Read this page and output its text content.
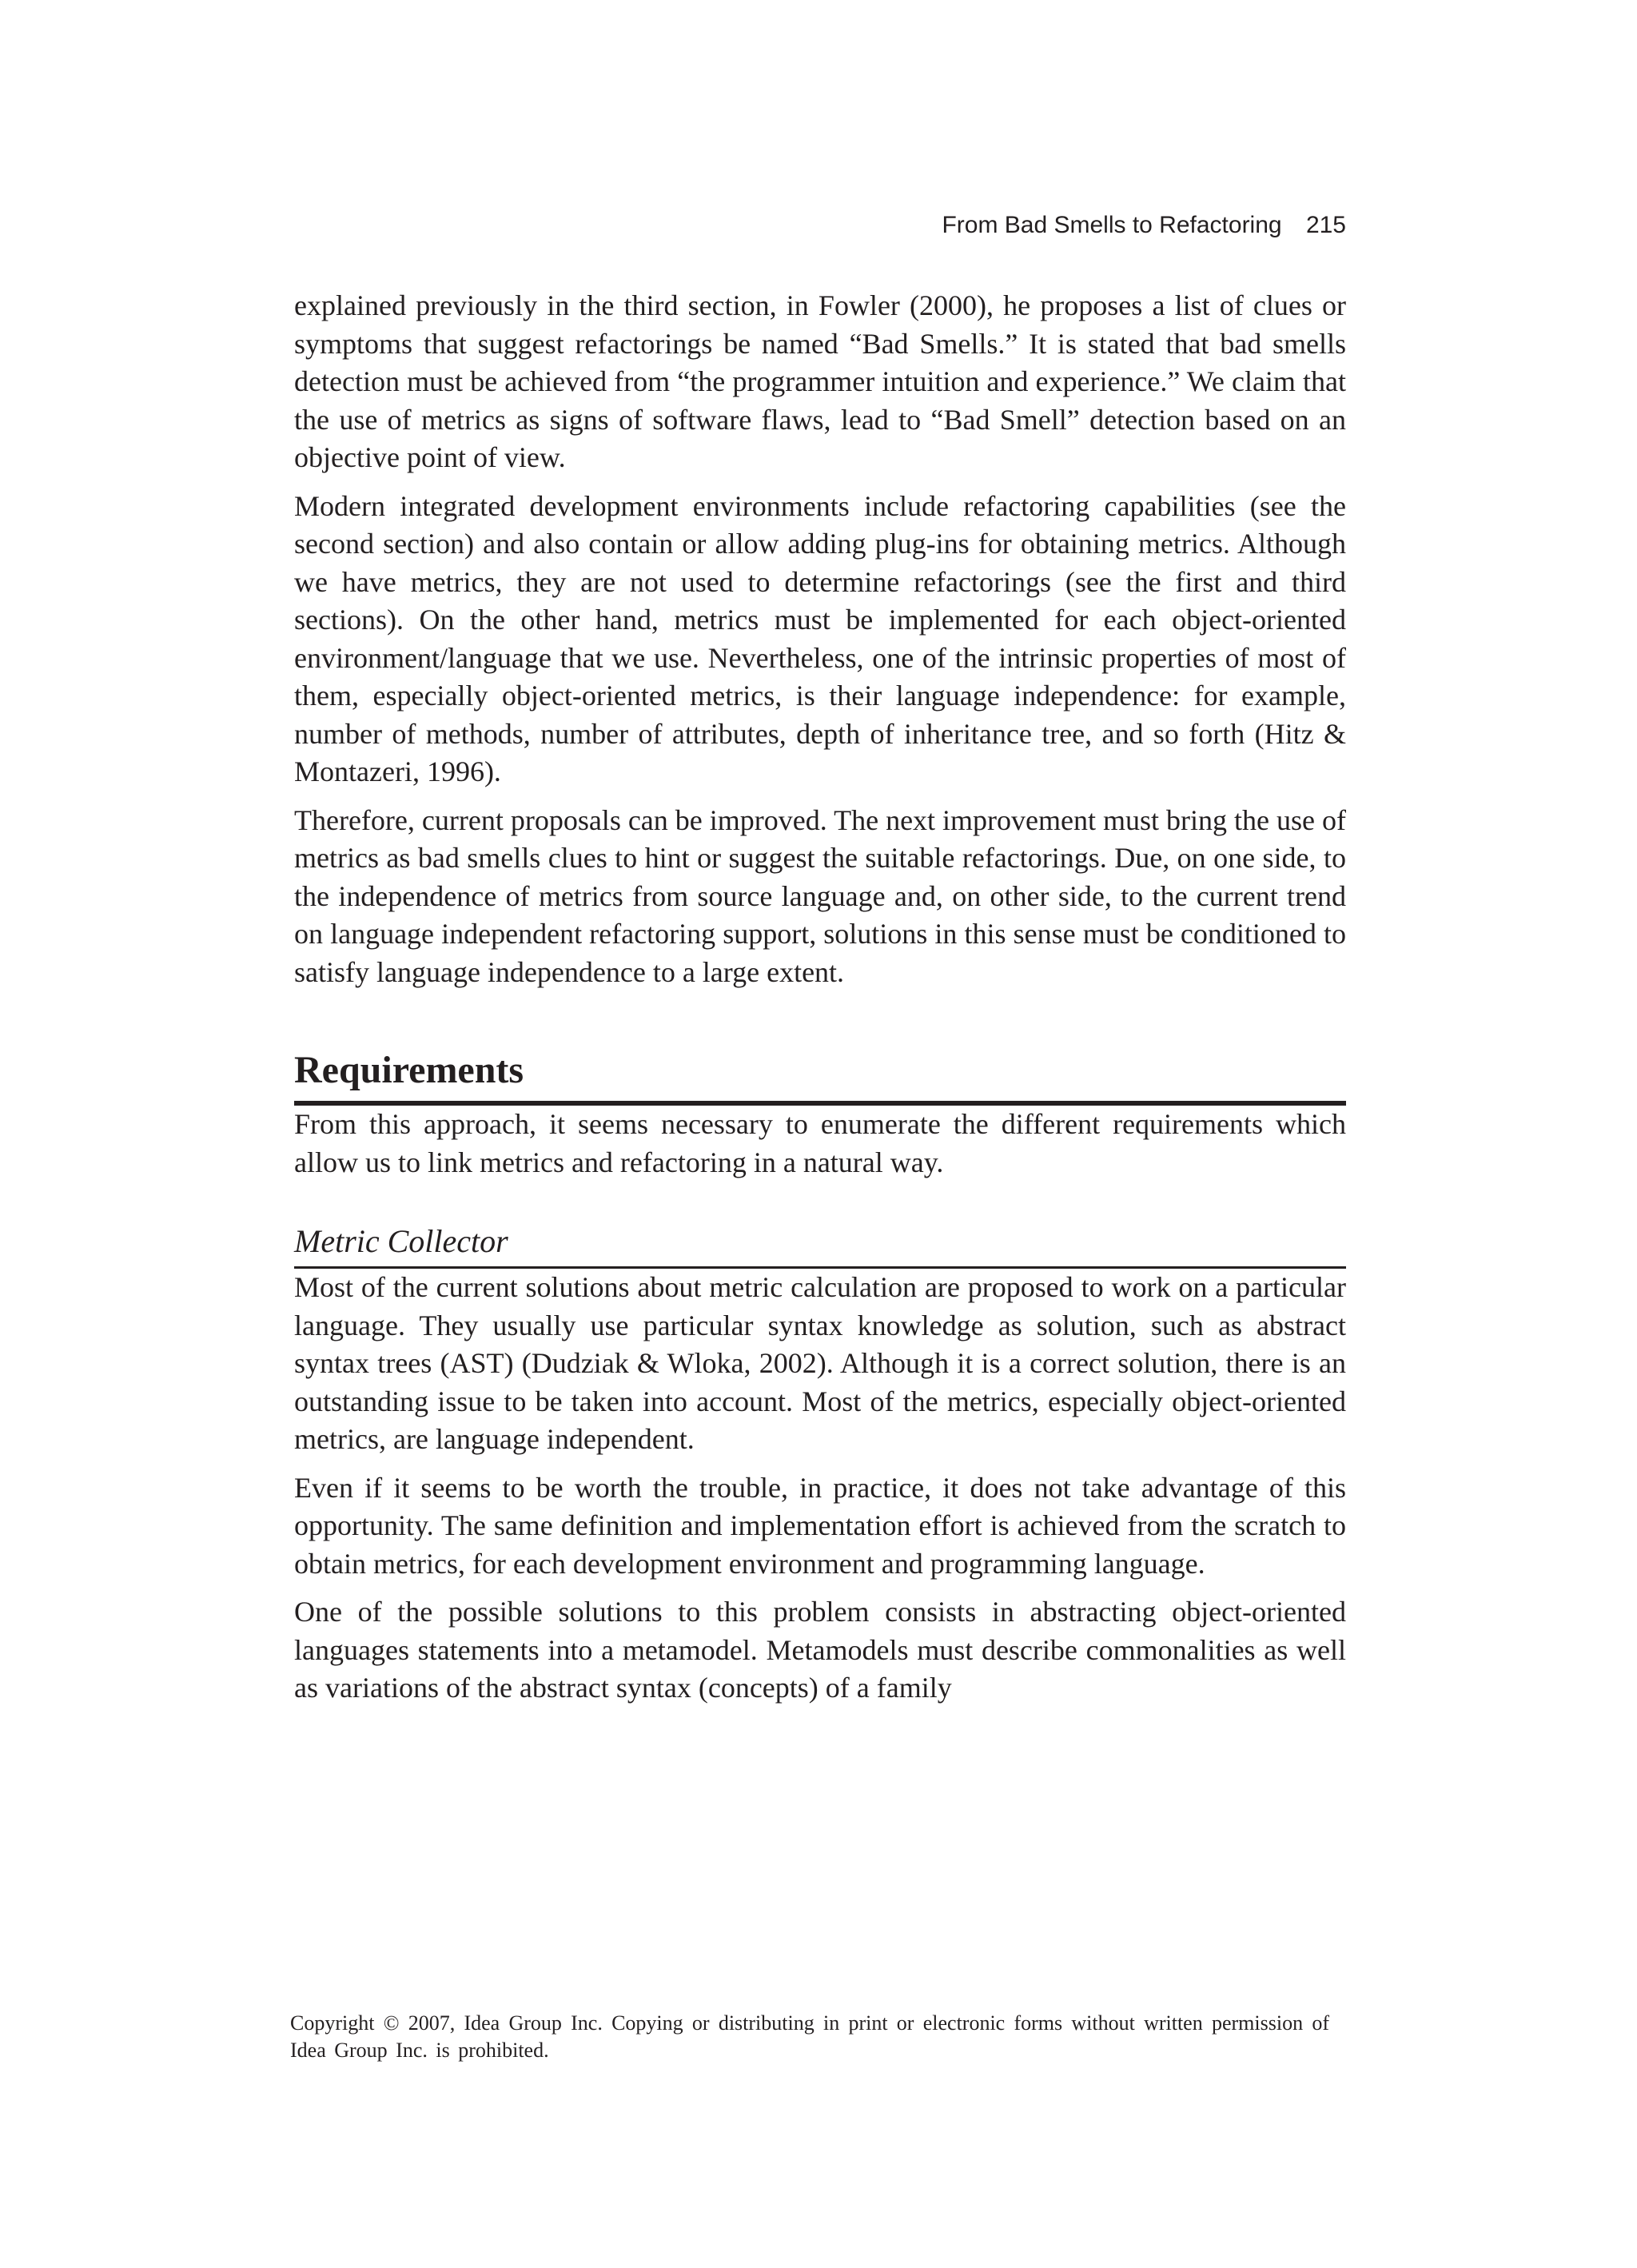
From Bad Smells to Refactoring 215

explained previously in the third section, in Fowler (2000), he proposes a list of clues or symptoms that suggest refactorings be named “Bad Smells.” It is stated that bad smells detection must be achieved from “the programmer intuition and experience.” We claim that the use of metrics as signs of software flaws, lead to “Bad Smell” detection based on an objective point of view.

Modern integrated development environments include refactoring capabilities (see the second section) and also contain or allow adding plug-ins for obtaining metrics. Although we have metrics, they are not used to determine refactorings (see the first and third sections). On the other hand, metrics must be implemented for each object-oriented environment/language that we use. Nevertheless, one of the intrinsic properties of most of them, especially object-oriented metrics, is their language independence: for example, number of methods, number of attributes, depth of inheritance tree, and so forth (Hitz & Montazeri, 1996).

Therefore, current proposals can be improved. The next improvement must bring the use of metrics as bad smells clues to hint or suggest the suitable refactorings. Due, on one side, to the independence of metrics from source language and, on other side, to the current trend on language independent refactoring support, solutions in this sense must be conditioned to satisfy language independence to a large extent.

Requirements

From this approach, it seems necessary to enumerate the different requirements which allow us to link metrics and refactoring in a natural way.

Metric Collector

Most of the current solutions about metric calculation are proposed to work on a particular language. They usually use particular syntax knowledge as solution, such as abstract syntax trees (AST) (Dudziak & Wloka, 2002). Although it is a correct solution, there is an outstanding issue to be taken into account. Most of the metrics, especially object-oriented metrics, are language independent.

Even if it seems to be worth the trouble, in practice, it does not take advantage of this opportunity. The same definition and implementation effort is achieved from the scratch to obtain metrics, for each development environment and programming language.

One of the possible solutions to this problem consists in abstracting object-oriented languages statements into a metamodel. Metamodels must describe commonalities as well as variations of the abstract syntax (concepts) of a family

Copyright © 2007, Idea Group Inc. Copying or distributing in print or electronic forms without written permission of Idea Group Inc. is prohibited.
